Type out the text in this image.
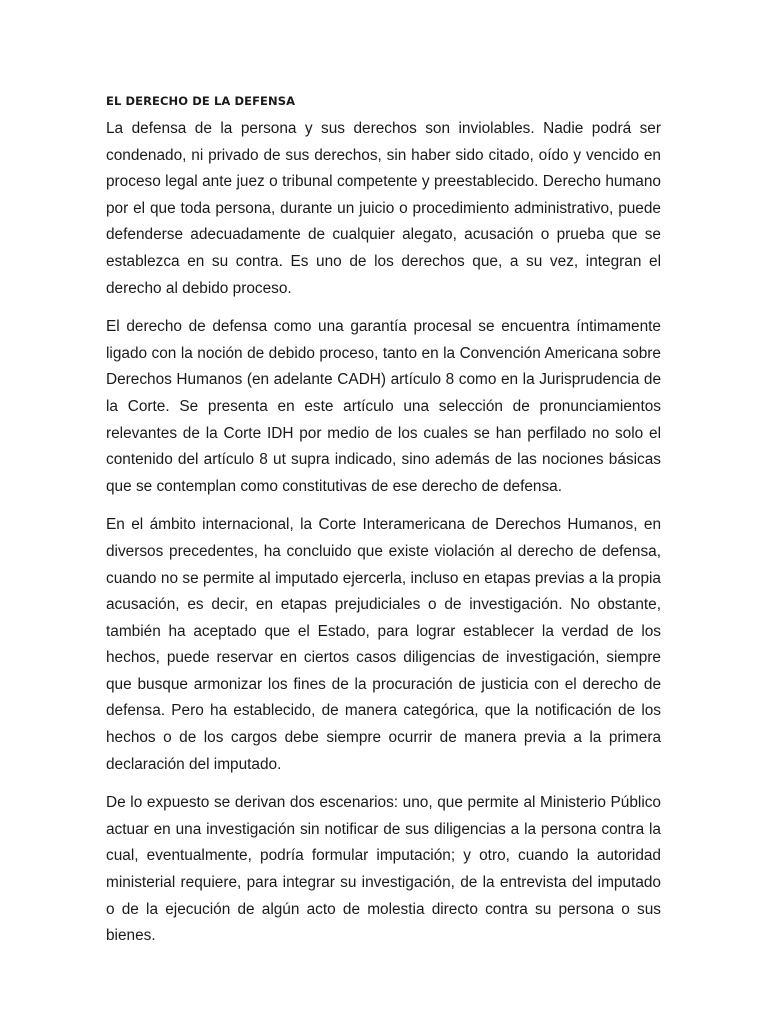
EL DERECHO DE LA DEFENSA

La defensa de la persona y sus derechos son inviolables. Nadie podrá ser condenado, ni privado de sus derechos, sin haber sido citado, oído y vencido en proceso legal ante juez o tribunal competente y preestablecido. Derecho humano por el que toda persona, durante un juicio o procedimiento administrativo, puede defenderse adecuadamente de cualquier alegato, acusación o prueba que se establezca en su contra. Es uno de los derechos que, a su vez, integran el derecho al debido proceso.

El derecho de defensa como una garantía procesal se encuentra íntimamente ligado con la noción de debido proceso, tanto en la Convención Americana sobre Derechos Humanos (en adelante CADH) artículo 8 como en la Jurisprudencia de la Corte. Se presenta en este artículo una selección de pronunciamientos relevantes de la Corte IDH por medio de los cuales se han perfilado no solo el contenido del artículo 8 ut supra indicado, sino además de las nociones básicas que se contemplan como constitutivas de ese derecho de defensa.

En el ámbito internacional, la Corte Interamericana de Derechos Humanos, en diversos precedentes, ha concluido que existe violación al derecho de defensa, cuando no se permite al imputado ejercerla, incluso en etapas previas a la propia acusación, es decir, en etapas prejudiciales o de investigación. No obstante, también ha aceptado que el Estado, para lograr establecer la verdad de los hechos, puede reservar en ciertos casos diligencias de investigación, siempre que busque armonizar los fines de la procuración de justicia con el derecho de defensa. Pero ha establecido, de manera categórica, que la notificación de los hechos o de los cargos debe siempre ocurrir de manera previa a la primera declaración del imputado.

De lo expuesto se derivan dos escenarios: uno, que permite al Ministerio Público actuar en una investigación sin notificar de sus diligencias a la persona contra la cual, eventualmente, podría formular imputación; y otro, cuando la autoridad ministerial requiere, para integrar su investigación, de la entrevista del imputado o de la ejecución de algún acto de molestia directo contra su persona o sus bienes.
